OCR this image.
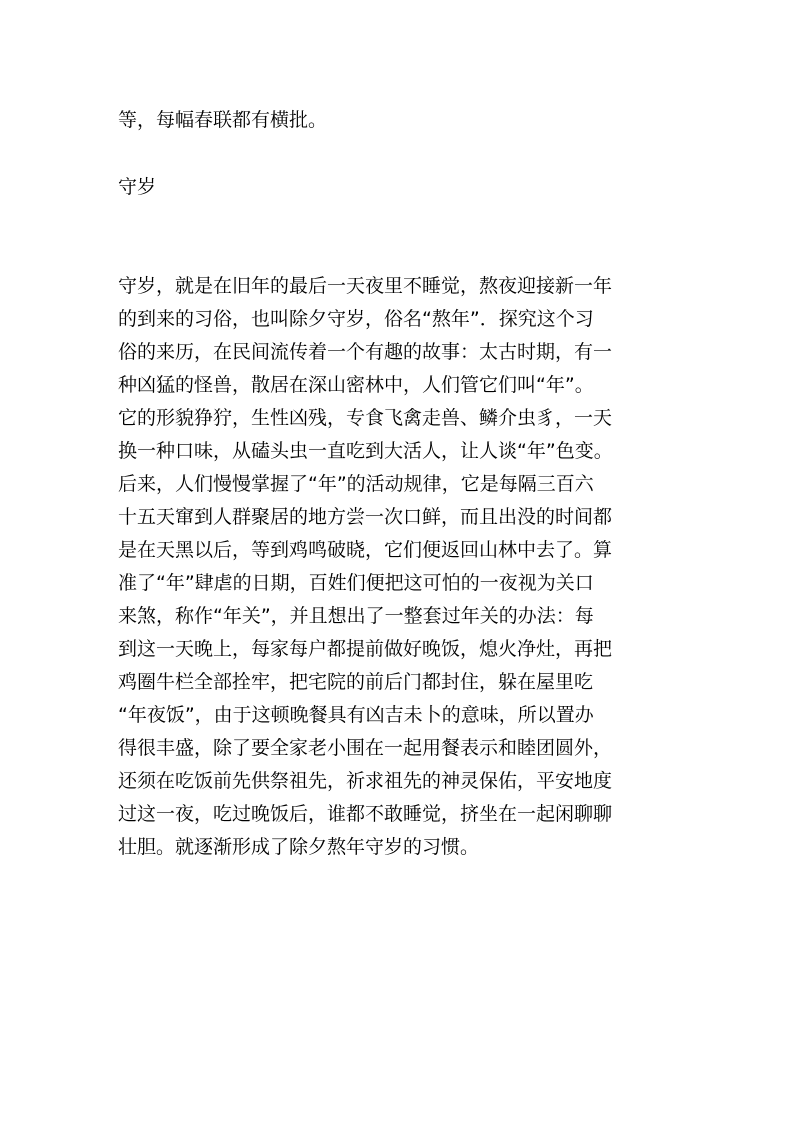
等，每幅春联都有横批。
守岁
守岁，就是在旧年的最后一天夜里不睡觉，熬夜迎接新一年
的到来的习俗，也叫除夕守岁，俗名“熬年”．探究这个习
俗的来历，在民间流传着一个有趣的故事：太古时期，有一
种凶猛的怪兽，散居在深山密林中，人们管它们叫“年”。
它的形貌狰狞，生性凶残，专食飞禽走兽、鳞介虫豸，一天
换一种口味，从磕头虫一直吃到大活人，让人谈“年”色变。
后来，人们慢慢掌握了“年”的活动规律，它是每隔三百六
十五天窜到人群聚居的地方尝一次口鲜，而且出没的时间都
是在天黑以后，等到鸡鸣破晓，它们便返回山林中去了。算
准了“年”肆虐的日期，百姓们便把这可怕的一夜视为关口
来煞，称作“年关”，并且想出了一整套过年关的办法：每
到这一天晚上，每家每户都提前做好晚饭，熄火净灶，再把
鸡圈牛栏全部拴牢，把宅院的前后门都封住，躲在屋里吃
“年夜饭”，由于这顿晚餐具有凶吉未卜的意味，所以置办
得很丰盛，除了要全家老小围在一起用餐表示和睦团圆外，
还须在吃饭前先供祭祖先，祈求祖先的神灵保佑，平安地度
过这一夜，吃过晚饭后，谁都不敢睡觉，挤坐在一起闲聊聊
壮胆。就逐渐形成了除夕熬年守岁的习惯。
